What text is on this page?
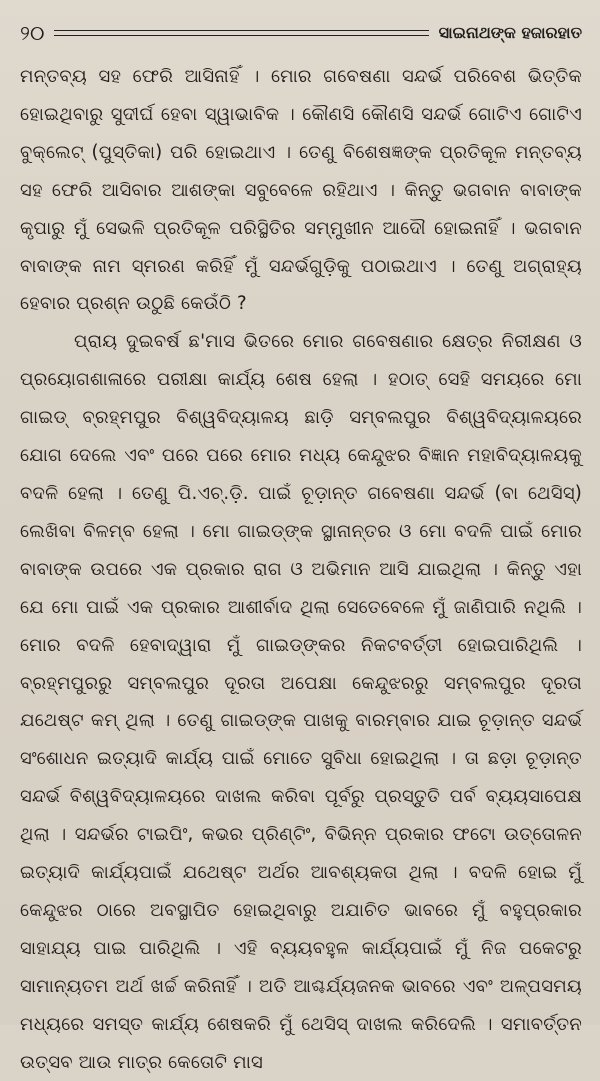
୨୦	ସାଇନାଥଙ୍କ ହଜାରହାତ

ମନ୍ତବ୍ୟ ସହ ଫେରି ଆସିନାହିଁ । ମୋର ଗବେଷଣା ସନ୍ଦର୍ଭ ପରିବେଶ ଭିତ୍ତିକ ହୋଇଥିବାରୁ ସୁଦୀର୍ଘ ହେବା ସ୍ୱାଭାବିକ । କୌଣସି କୌଣସି ସନ୍ଦର୍ଭ ଗୋଟିଏ ଗୋଟିଏ ବୁକ୍‌ଲେଟ୍ (ପୁସ୍ତିକା) ପରି ହୋଇଥାଏ । ତେଣୁ ବିଶେଷଜ୍ଞଙ୍କ ପ୍ରତିକୂଳ ମନ୍ତବ୍ୟ ସହ ଫେରି ଆସିବାର ଆଶଙ୍କା ସବୁବେଳେ ରହିଥାଏ । କିନ୍ତୁ ଭଗବାନ ବାବାଙ୍କ କୃପାରୁ ମୁଁ ସେଭଳି ପ୍ରତିକୂଳ ପରିସ୍ଥିତିର ସମ୍ମୁଖୀନ ଆଦୌ ହୋଇନାହିଁ । ଭଗବାନ ବାବାଙ୍କ ନାମ ସ୍ମରଣ କରିହିଁ ମୁଁ ସନ୍ଦର୍ଭଗୁଡ଼ିକୁ ପଠାଇଥାଏ । ତେଣୁ ଅଗ୍ରାହ୍ୟ ହେବାର ପ୍ରଶ୍ନ ଉଠୁଛି କେଉଁଠି ?

ପ୍ରାୟ ଦୁଇବର୍ଷ ଛ'ମାସ ଭିତରେ ମୋର ଗବେଷଣାର କ୍ଷେତ୍ର ନିରୀକ୍ଷଣ ଓ ପ୍ରୟୋଗଶାଳାରେ ପରୀକ୍ଷା କାର୍ଯ୍ୟ ଶେଷ ହେଲା । ହଠାତ୍ ସେହି ସମୟରେ ମୋ ଗାଇଡ୍ ବ୍ରହ୍ମପୁର ବିଶ୍ୱବିଦ୍ୟାଳୟ ଛାଡ଼ି ସମ୍ବଲପୁର ବିଶ୍ୱବିଦ୍ୟାଳୟରେ ଯୋଗ ଦେଲେ ଏବଂ ପରେ ପରେ ମୋର ମଧ୍ୟ କେନ୍ଦୁଝର ବିଜ୍ଞାନ ମହାବିଦ୍ୟାଳୟକୁ ବଦଳି ହେଲା । ତେଣୁ ପି.ଏଚ୍.ଡ଼ି. ପାଇଁ ଚୂଡ଼ାନ୍ତ ଗବେଷଣା ସନ୍ଦର୍ଭ (ବା ଥେସିସ୍) ଲେଖିବା ବିଳମ୍ବ ହେଲା । ମୋ ଗାଇଡ୍‌ଙ୍କ ସ୍ଥାନାନ୍ତର ଓ ମୋ ବଦଳି ପାଇଁ ମୋର ବାବାଙ୍କ ଉପରେ ଏକ ପ୍ରକାର ରାଗ ଓ ଅଭିମାନ ଆସି ଯାଇଥିଲା । କିନ୍ତୁ ଏହା ଯେ ମୋ ପାଇଁ ଏକ ପ୍ରକାର ଆଶୀର୍ବାଦ ଥିଲା ସେତେବେଳେ ମୁଁ ଜାଣିପାରି ନଥିଲି । ମୋର ବଦଳି ହେବାଦ୍ୱାରା ମୁଁ ଗାଇଡ୍‌ଙ୍କର ନିକଟବର୍ତ୍ତୀ ହୋଇପାରିଥିଲି । ବ୍ରହ୍ମପୁରରୁ ସମ୍ବଲପୁର ଦୂରତା ଅପେକ୍ଷା କେନ୍ଦୁଝରରୁ ସମ୍ବଲପୁର ଦୂରତା ଯଥେଷ୍ଟ କମ୍ ଥିଲା । ତେଣୁ ଗାଇଡ୍‌ଙ୍କ ପାଖକୁ ବାରମ୍ବାର ଯାଇ ଚୂଡ଼ାନ୍ତ ସନ୍ଦର୍ଭ ସଂଶୋଧନ ଇତ୍ୟାଦି କାର୍ଯ୍ୟ ପାଇଁ ମୋତେ ସୁବିଧା ହୋଇଥିଲା । ତା ଛଡ଼ା ଚୂଡ଼ାନ୍ତ ସନ୍ଦର୍ଭ ବିଶ୍ୱବିଦ୍ୟାଳୟରେ ଦାଖଲ କରିବା ପୂର୍ବରୁ ପ୍ରସ୍ତୁତି ପର୍ବ ବ୍ୟୟସାପେକ୍ଷ ଥିଲା । ସନ୍ଦର୍ଭର ଟାଇପିଂ, କଭର ପ୍ରିଣ୍ଟିଂ, ବିଭିନ୍ନ ପ୍ରକାର ଫଟୋ ଉତ୍ତୋଳନ ଇତ୍ୟାଦି କାର୍ଯ୍ୟପାଇଁ ଯଥେଷ୍ଟ ଅର୍ଥର ଆବଶ୍ୟକତା ଥିଲା । ବଦଳି ହୋଇ ମୁଁ କେନ୍ଦୁଝର ଠାରେ ଅବସ୍ଥାପିତ ହୋଇଥିବାରୁ ଅଯାଚିତ ଭାବରେ ମୁଁ ବହୁପ୍ରକାର ସାହାଯ୍ୟ ପାଇ ପାରିଥିଲି । ଏହି ବ୍ୟୟବହୁଳ କାର୍ଯ୍ୟପାଇଁ ମୁଁ ନିଜ ପକେଟରୁ ସାମାନ୍ୟତମ ଅର୍ଥ ଖର୍ଚ୍ଚ କରିନାହିଁ । ଅତି ଆଶ୍ଚର୍ଯ୍ୟଜନକ ଭାବରେ ଏବଂ ଅଳ୍ପସମୟ ମଧ୍ୟରେ ସମସ୍ତ କାର୍ଯ୍ୟ ଶେଷକରି ମୁଁ ଥେସିସ୍ ଦାଖଲ କରିଦେଲି । ସମାବର୍ତ୍ତନ ଉତ୍ସବ ଆଉ ମାତ୍ର କେତୋଟି ମାସ
